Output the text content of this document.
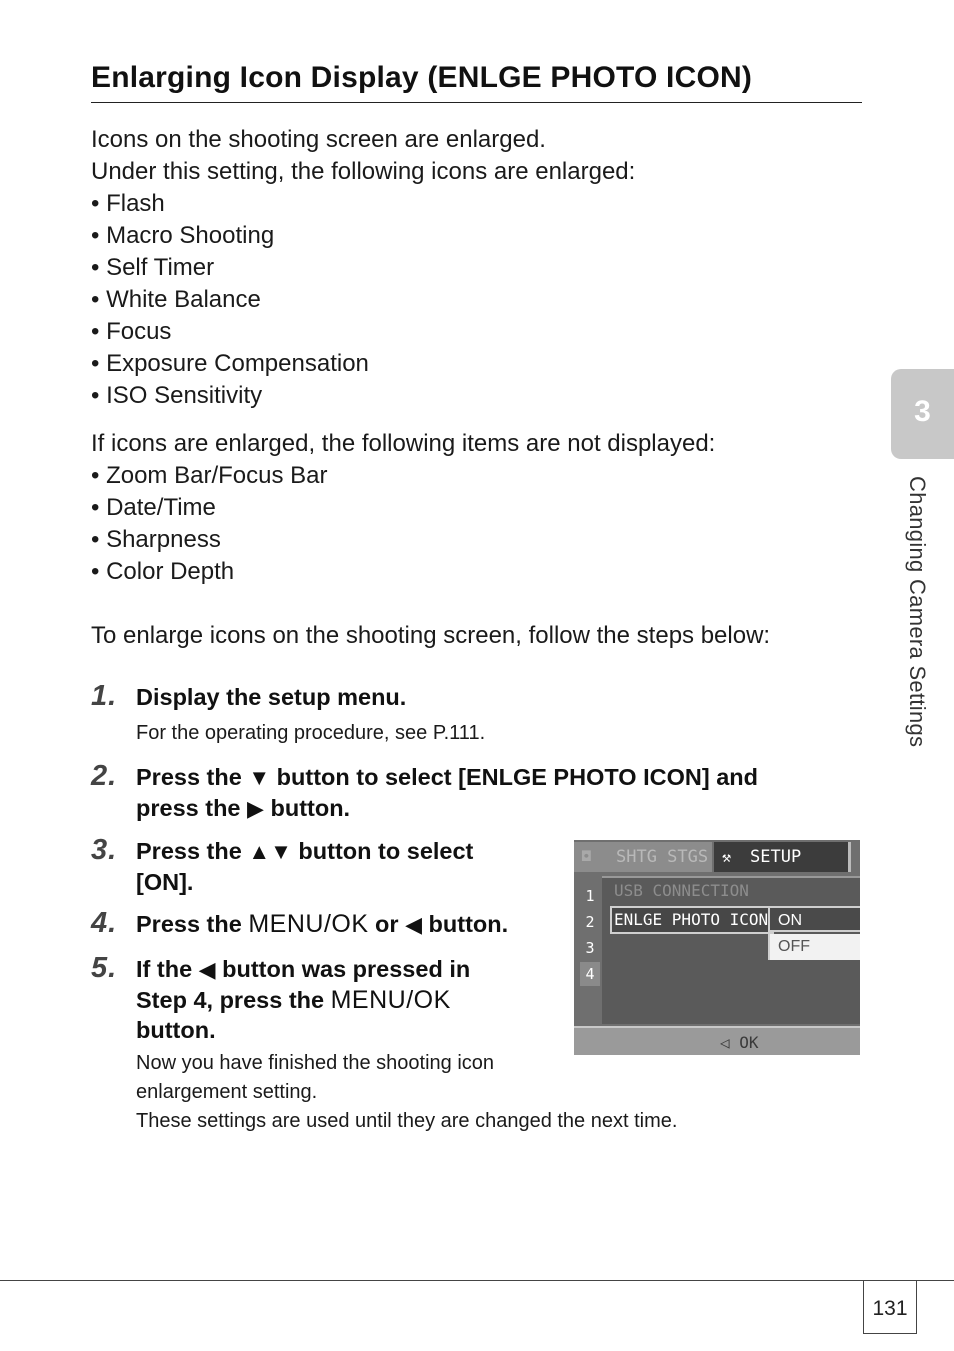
Enlarging Icon Display (ENLGE PHOTO ICON)

Icons on the shooting screen are enlarged.

Under this setting, the following icons are enlarged:

• Flash
• Macro Shooting
• Self Timer
• White Balance
• Focus
• Exposure Compensation
• ISO Sensitivity

If icons are enlarged, the following items are not displayed:

• Zoom Bar/Focus Bar
• Date/Time
• Sharpness
• Color Depth
To enlarge icons on the shooting screen, follow the steps below:
1. Display the setup menu.
For the operating procedure, see P.111.
2. Press the ▼ button to select [ENLGE PHOTO ICON] and
press the ▶ button.
3. Press the ▲▼ button to select
[ON].
4. Press the MENU/OK or ◀ button.
5. If the ◀ button was pressed in
Step 4, press the MENU/OK
button.
Now you have finished the shooting icon
enlargement setting.
These settings are used until they are changed the next time.
◘ SHTG STGS ⚒ SETUP
1
2
3
4
USB CONNECTION
ENLGE PHOTO ICON
◁ OK
ON
OFF
3
Changing Camera Settings
131
